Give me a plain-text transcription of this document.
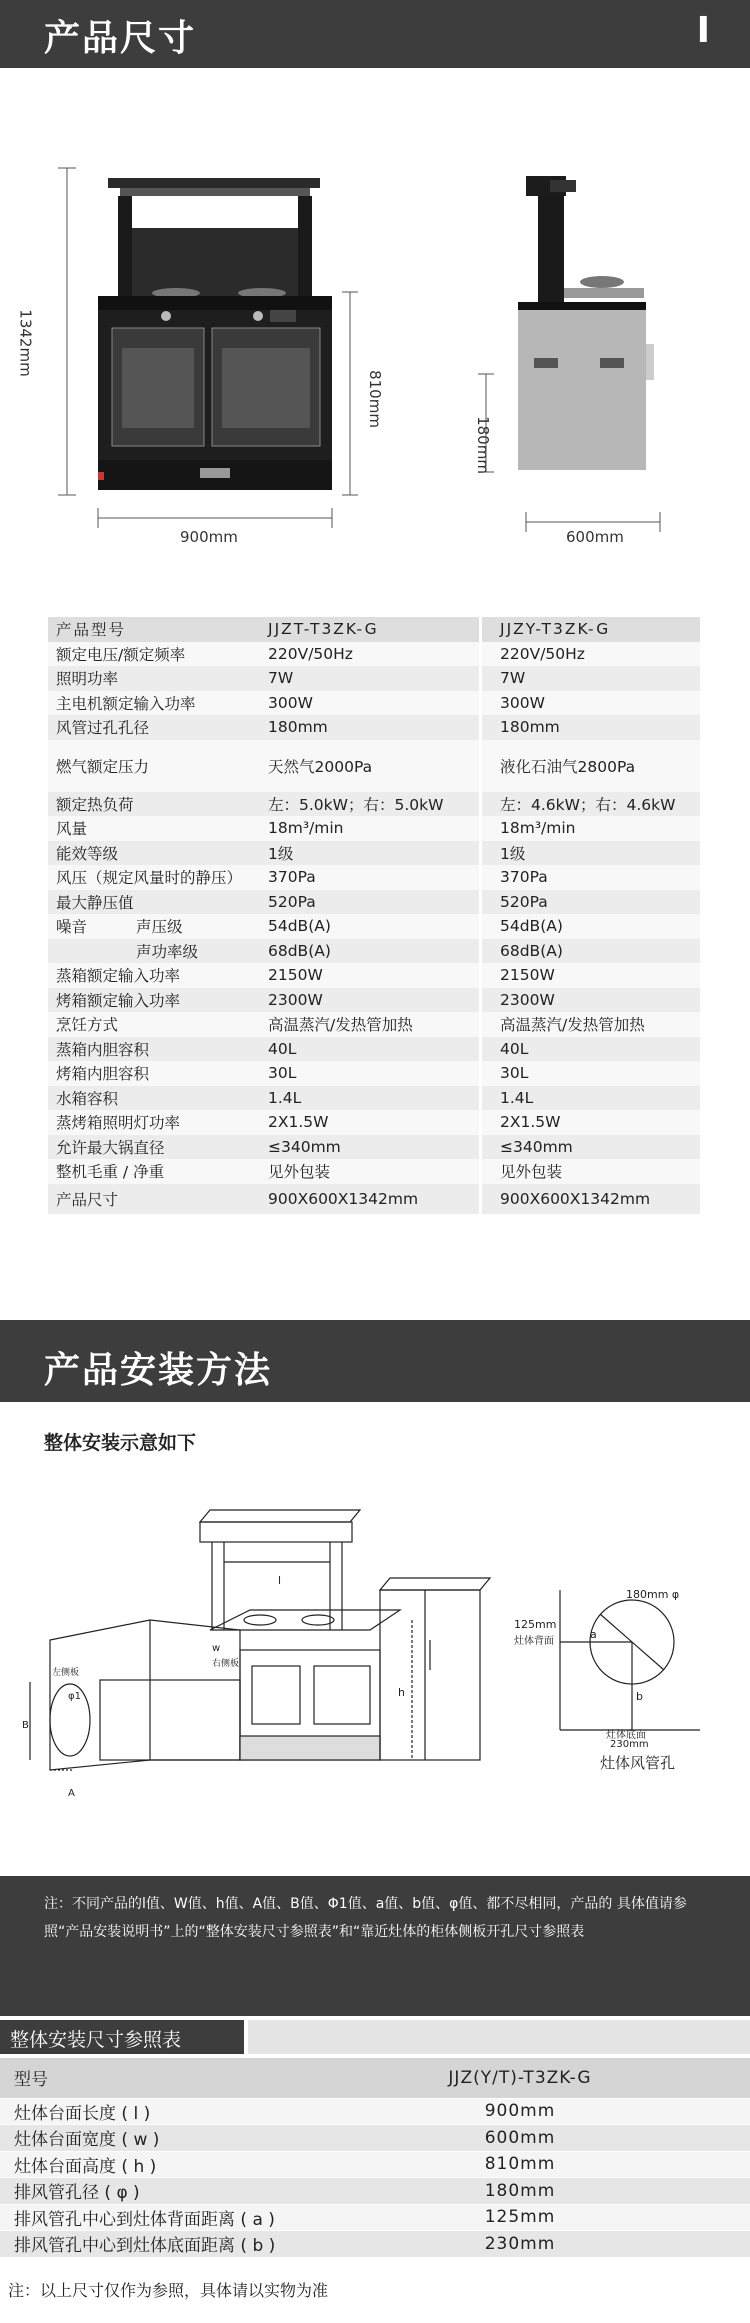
产品尺寸	I
1342mm
810mm
900mm
180mm
600mm
产品型号	JJZT-T3ZK-G		JJZY-T3ZK-G
额定电压/额定频率	220V/50Hz		220V/50Hz
照明功率	7W		7W
主电机额定输入功率	300W		300W
风管过孔孔径	180mm		180mm
燃气额定压力	天然气2000Pa		液化石油气2800Pa
额定热负荷	左：5.0kW；右：5.0kW		左：4.6kW；右：4.6kW
风量	18m³/min		18m³/min
能效等级	1级		1级
风压（规定风量时的静压）	370Pa		370Pa
最大静压值	520Pa		520Pa
噪音 声压级	54dB(A)		54dB(A)
声功率级	68dB(A)		68dB(A)
蒸箱额定输入功率	2150W		2150W
烤箱额定输入功率	2300W		2300W
烹饪方式	高温蒸汽/发热管加热		高温蒸汽/发热管加热
蒸箱内胆容积	40L		40L
烤箱内胆容积	30L		30L
水箱容积	1.4L		1.4L
蒸烤箱照明灯功率	2X1.5W		2X1.5W
允许最大锅直径	≤340mm		≤340mm
整机毛重 / 净重	见外包装		见外包装
产品尺寸	900X600X1342mm		900X600X1342mm
产品安装方法
整体安装示意如下
左侧板
φ1
w
右侧板
l
h
B
A
180mm φ
125mm
灶体背面
a
b
灶体底面
230mm
灶体风管孔
注：不同产品的l值、W值、h值、A值、B值、Φ1值、a值、b值、φ值、都不尽相同，产品的 具体值请参照“产品安装说明书”上的“整体安装尺寸参照表”和“靠近灶体的柜体侧板开孔尺寸参照表
整体安装尺寸参照表
型号	JJZ(Y/T)-T3ZK-G
灶体台面长度 ( l )	900mm
灶体台面宽度 ( w )	600mm
灶体台面高度 ( h )	810mm
排风管孔径 ( φ )	180mm
排风管孔中心到灶体背面距离 ( a )	125mm
排风管孔中心到灶体底面距离 ( b )	230mm
注：以上尺寸仅作为参照，具体请以实物为准
